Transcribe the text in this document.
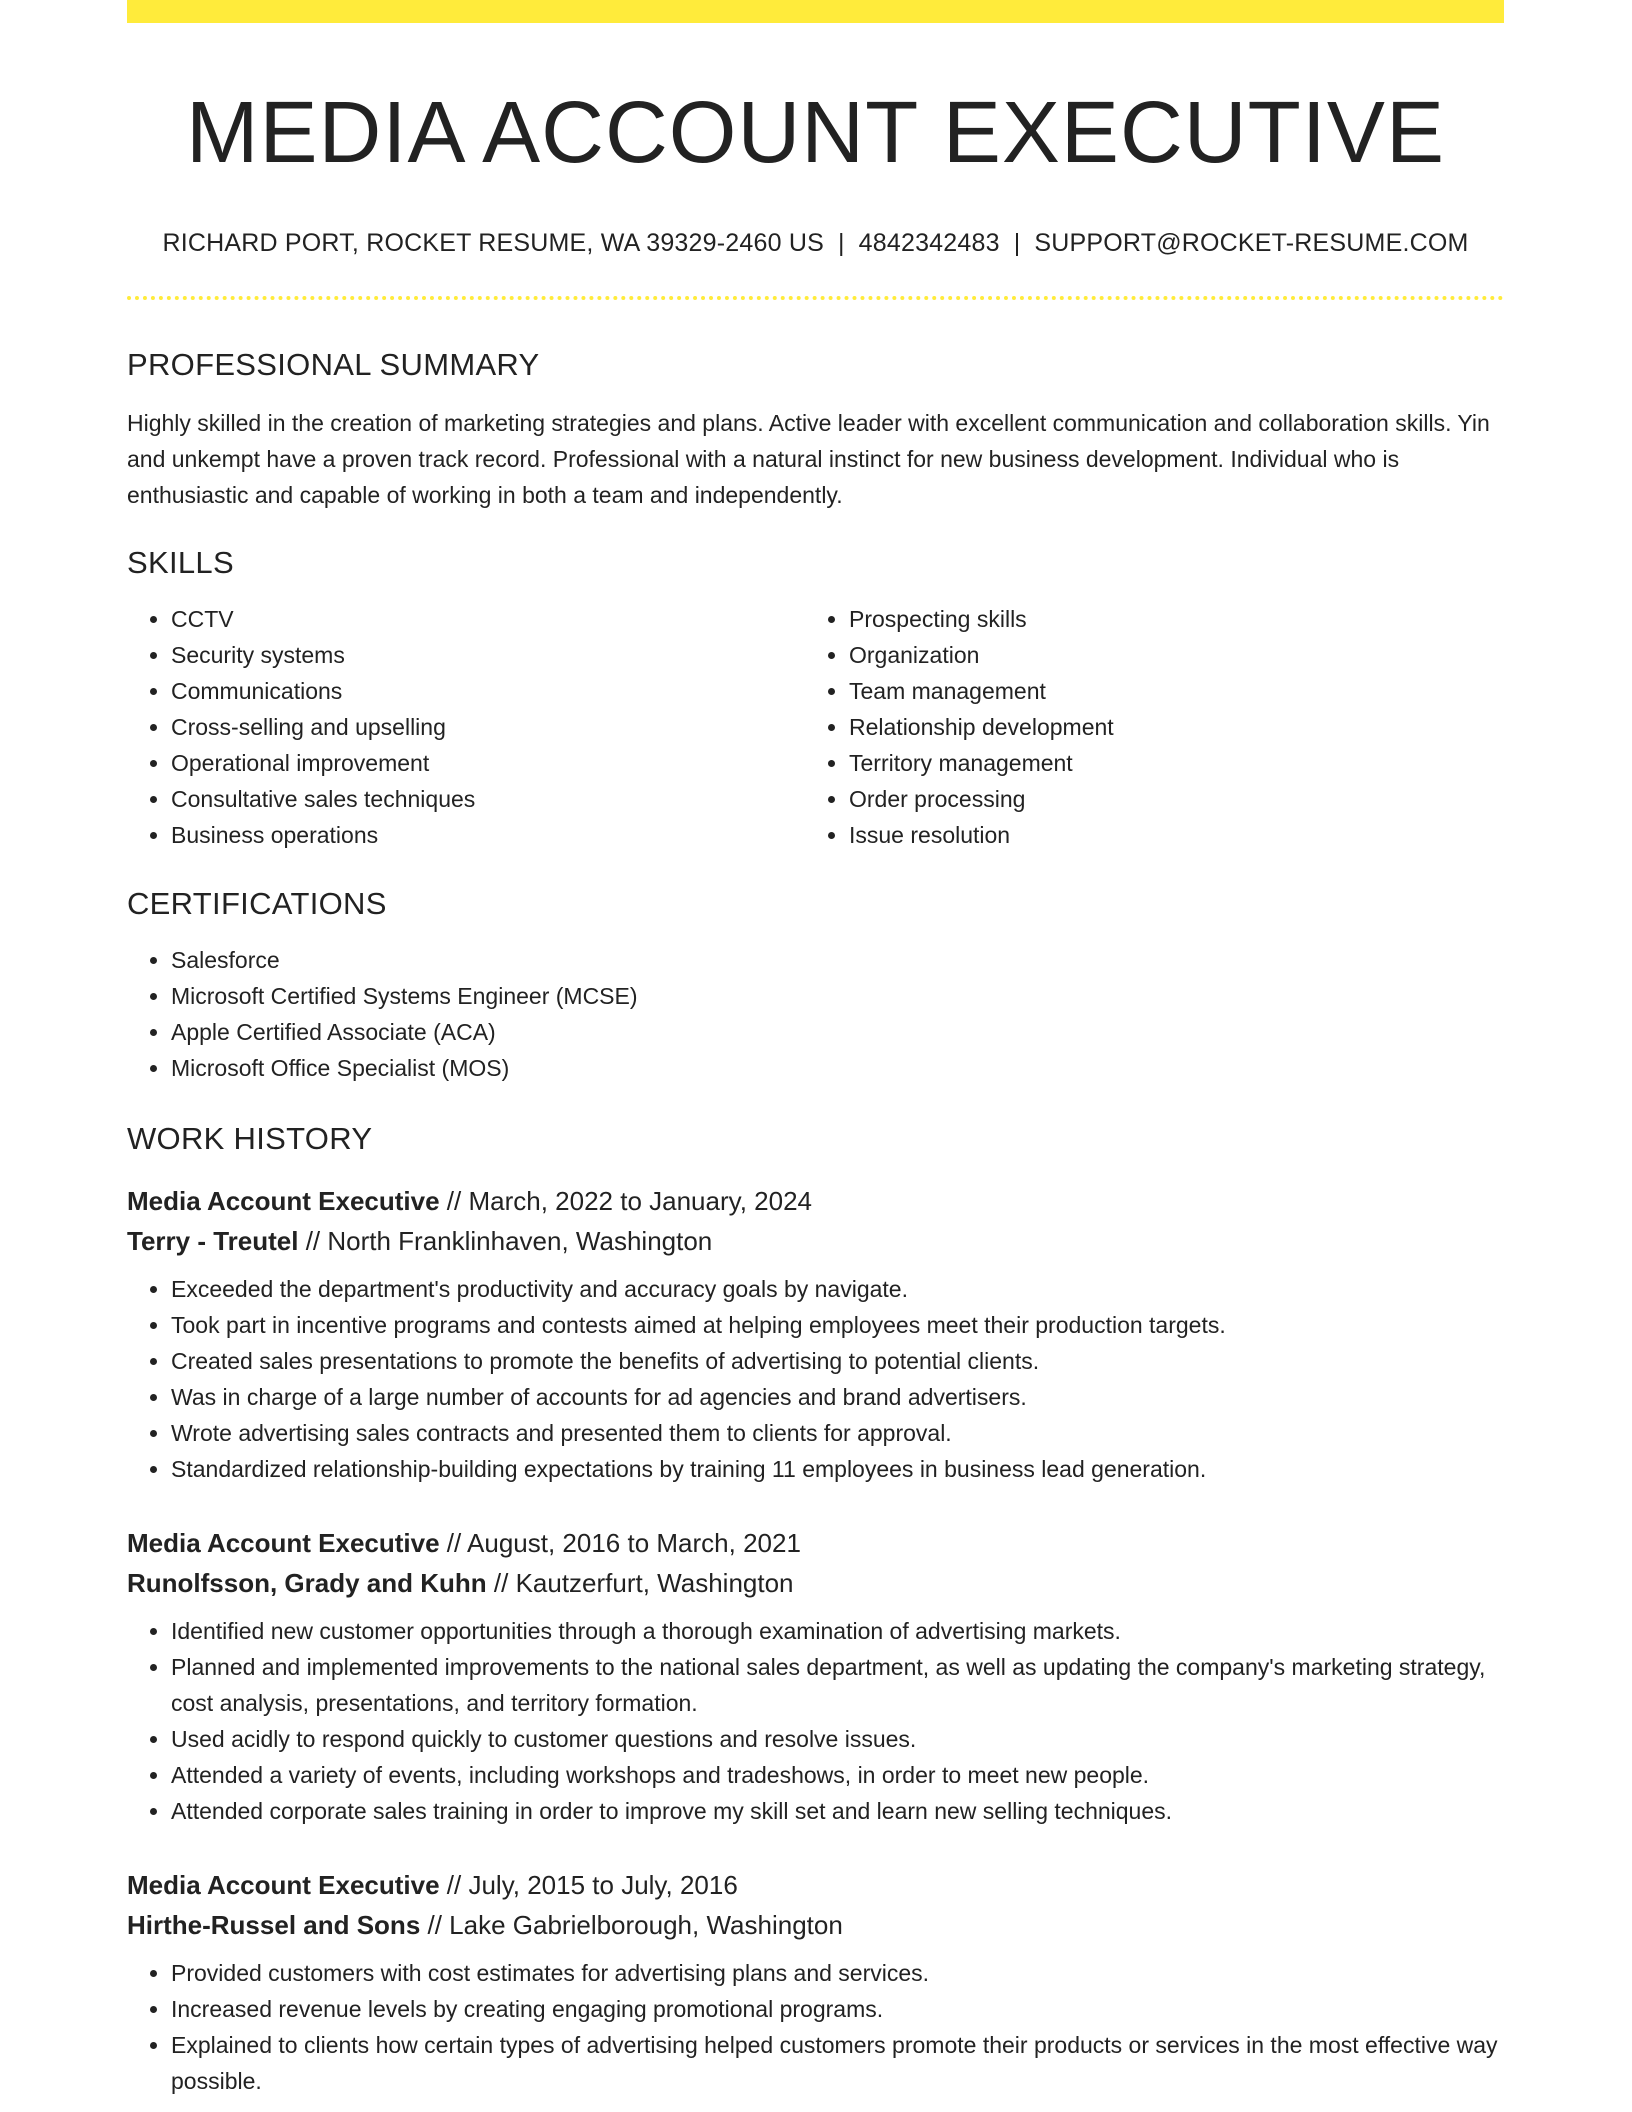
MEDIA ACCOUNT EXECUTIVE
RICHARD PORT, ROCKET RESUME, WA 39329-2460 US | 4842342483 | SUPPORT@ROCKET-RESUME.COM
PROFESSIONAL SUMMARY
Highly skilled in the creation of marketing strategies and plans. Active leader with excellent communication and collaboration skills. Yin and unkempt have a proven track record. Professional with a natural instinct for new business development. Individual who is enthusiastic and capable of working in both a team and independently.
SKILLS
• CCTV
• Security systems
• Communications
• Cross-selling and upselling
• Operational improvement
• Consultative sales techniques
• Business operations
• Prospecting skills
• Organization
• Team management
• Relationship development
• Territory management
• Order processing
• Issue resolution
CERTIFICATIONS
• Salesforce
• Microsoft Certified Systems Engineer (MCSE)
• Apple Certified Associate (ACA)
• Microsoft Office Specialist (MOS)
WORK HISTORY
Media Account Executive // March, 2022 to January, 2024
Terry - Treutel // North Franklinhaven, Washington
• Exceeded the department's productivity and accuracy goals by navigate.
• Took part in incentive programs and contests aimed at helping employees meet their production targets.
• Created sales presentations to promote the benefits of advertising to potential clients.
• Was in charge of a large number of accounts for ad agencies and brand advertisers.
• Wrote advertising sales contracts and presented them to clients for approval.
• Standardized relationship-building expectations by training 11 employees in business lead generation.
Media Account Executive // August, 2016 to March, 2021
Runolfsson, Grady and Kuhn // Kautzerfurt, Washington
• Identified new customer opportunities through a thorough examination of advertising markets.
• Planned and implemented improvements to the national sales department, as well as updating the company's marketing strategy, cost analysis, presentations, and territory formation.
• Used acidly to respond quickly to customer questions and resolve issues.
• Attended a variety of events, including workshops and tradeshows, in order to meet new people.
• Attended corporate sales training in order to improve my skill set and learn new selling techniques.
Media Account Executive // July, 2015 to July, 2016
Hirthe-Russel and Sons // Lake Gabrielborough, Washington
• Provided customers with cost estimates for advertising plans and services.
• Increased revenue levels by creating engaging promotional programs.
• Explained to clients how certain types of advertising helped customers promote their products or services in the most effective way possible.
